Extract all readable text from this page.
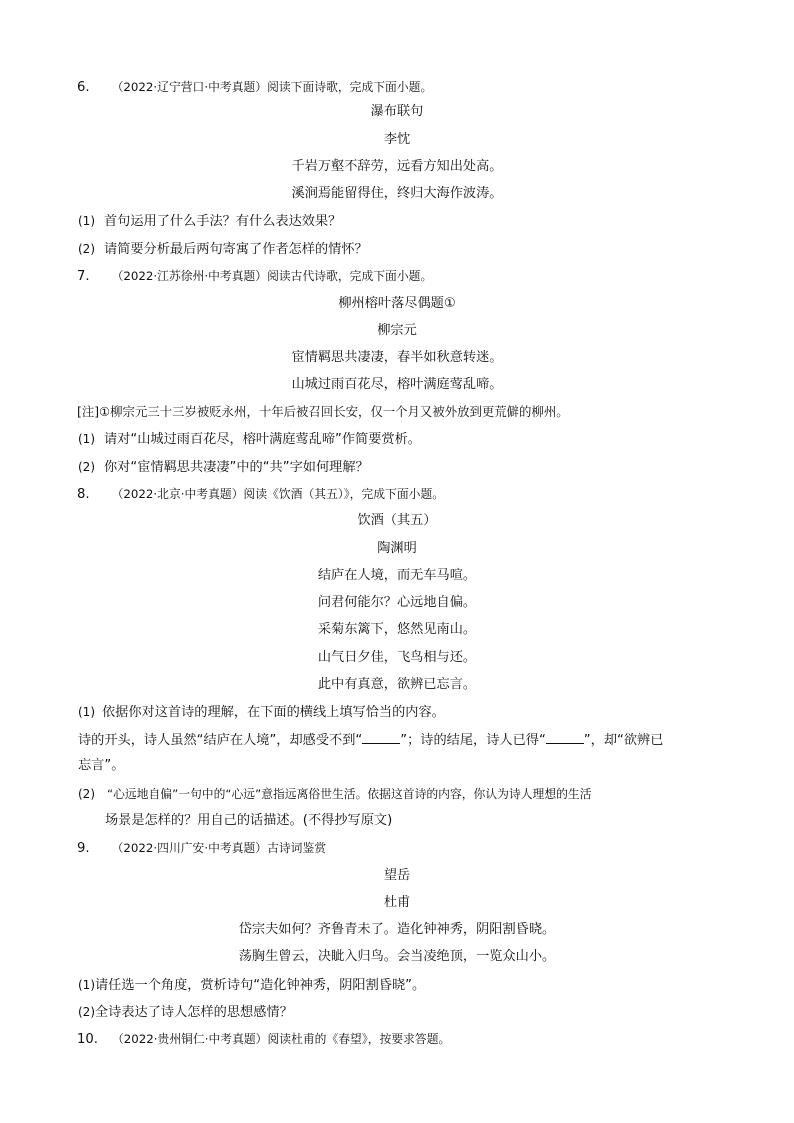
6. （2022·辽宁营口·中考真题）阅读下面诗歌，完成下面小题。
瀑布联句
李忱
千岩万壑不辞劳，远看方知出处高。
溪涧焉能留得住，终归大海作波涛。
(1) 首句运用了什么手法？有什么表达效果？
(2) 请简要分析最后两句寄寓了作者怎样的情怀？
7. （2022·江苏徐州·中考真题）阅读古代诗歌，完成下面小题。
柳州榕叶落尽偶题①
柳宗元
宦情羁思共凄凄，春半如秋意转迷。
山城过雨百花尽，榕叶满庭莺乱啼。
[注]①柳宗元三十三岁被贬永州，十年后被召回长安，仅一个月又被外放到更荒僻的柳州。
(1) 请对“山城过雨百花尽，榕叶满庭莺乱啼”作简要赏析。
(2) 你对“宦情羁思共凄凄”中的“共”字如何理解？
8. （2022·北京·中考真题）阅读《饮酒（其五）》，完成下面小题。
饮酒（其五）
陶渊明
结庐在人境，而无车马喧。
问君何能尔？心远地自偏。
采菊东篱下，悠然见南山。
山气日夕佳，飞鸟相与还。
此中有真意，欲辨已忘言。
(1) 依据你对这首诗的理解，在下面的横线上填写恰当的内容。
诗的开头，诗人虽然“结庐在人境”，却感受不到“	”；诗的结尾，诗人已得“	”，却“欲辨已
忘言”。
(2) “心远地自偏”一句中的“心远”意指远离俗世生活。依据这首诗的内容，你认为诗人理想的生活
场景是怎样的？用自己的话描述。(不得抄写原文)
9. （2022·四川广安·中考真题）古诗词鉴赏
望岳
杜甫
岱宗夫如何？齐鲁青未了。造化钟神秀，阴阳割昏晓。
荡胸生曾云，决眦入归鸟。会当凌绝顶，一览众山小。
(1)请任选一个角度，赏析诗句“造化钟神秀，阴阳割昏晓”。
(2)全诗表达了诗人怎样的思想感情？
10. （2022·贵州铜仁·中考真题）阅读杜甫的《春望》，按要求答题。
